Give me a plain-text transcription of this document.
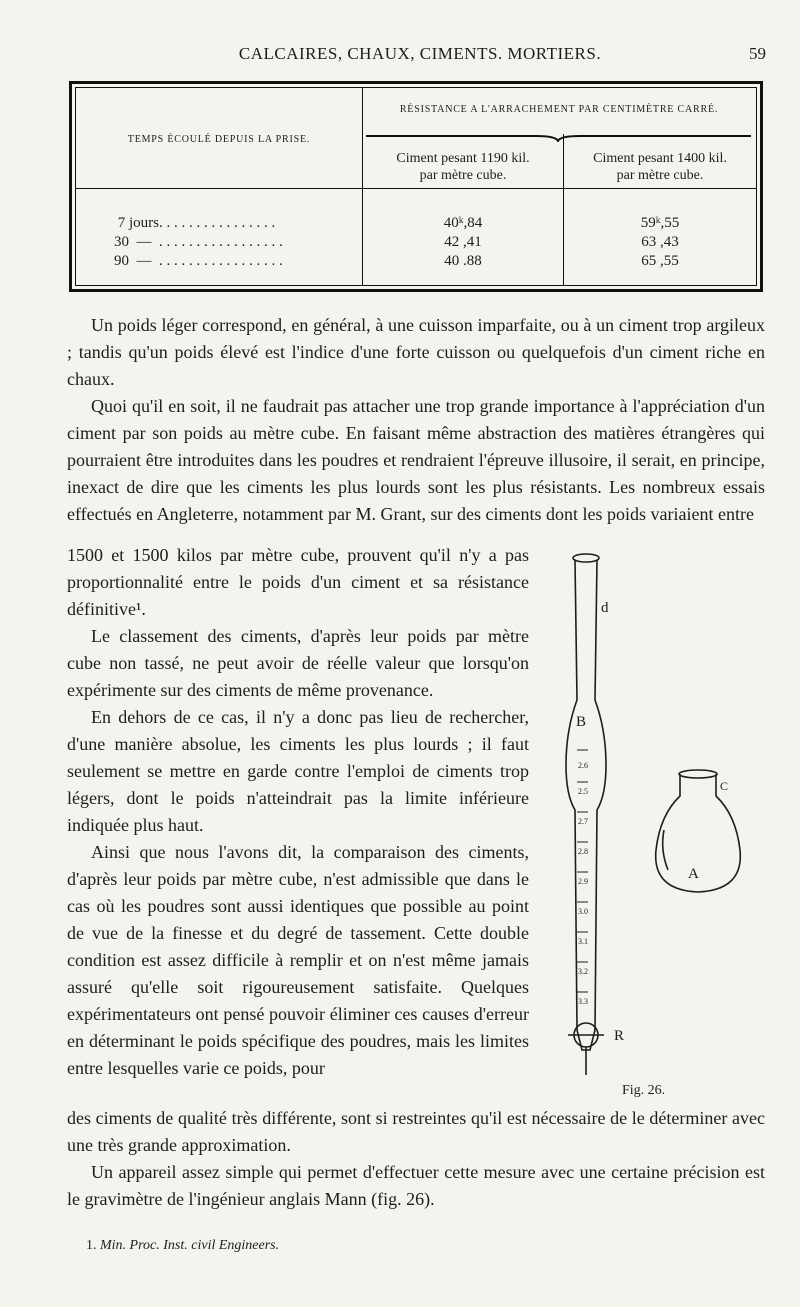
CALCAIRES, CHAUX, CIMENTS. MORTIERS.	59
TEMPS ÉCOULÉ DEPUIS LA PRISE.
RÉSISTANCE A L'ARRACHEMENT PAR CENTIMÈTRE CARRÉ.
Ciment pesant 1190 kil.
par mètre cube.
Ciment pesant 1400 kil.
par mètre cube.
7 jours. . . . . . . . . . . . . . . .	40ᵏ,84	59ᵏ,55
30  —  . . . . . . . . . . . . . . . . .	42 ,41	63 ,43
90  —  . . . . . . . . . . . . . . . . .	40 .88	65 ,55

Un poids léger correspond, en général, à une cuisson imparfaite, ou à un ciment trop argileux ; tandis qu'un poids élevé est l'indice d'une forte cuisson ou quelquefois d'un ciment riche en chaux.

Quoi qu'il en soit, il ne faudrait pas attacher une trop grande importance à l'appréciation d'un ciment par son poids au mètre cube. En faisant même abstraction des matières étrangères qui pourraient être introduites dans les poudres et rendraient l'épreuve illusoire, il serait, en principe, inexact de dire que les ciments les plus lourds sont les plus résistants. Les nombreux essais effectués en Angleterre, notamment par M. Grant, sur des ciments dont les poids variaient entre

1500 et 1500 kilos par mètre cube, prouvent qu'il n'y a pas proportionnalité entre le poids d'un ciment et sa résistance définitive¹.

Le classement des ciments, d'après leur poids par mètre cube non tassé, ne peut avoir de réelle valeur que lorsqu'on expérimente sur des ciments de même provenance.

En dehors de ce cas, il n'y a donc pas lieu de rechercher, d'une manière absolue, les ciments les plus lourds ; il faut seulement se mettre en garde contre l'emploi de ciments trop légers, dont le poids n'atteindrait pas la limite inférieure indiquée plus haut.

Ainsi que nous l'avons dit, la comparaison des ciments, d'après leur poids par mètre cube, n'est admissible que dans le cas où les poudres sont aussi identiques que possible au point de vue de la finesse et du degré de tassement. Cette double condition est assez difficile à remplir et on n'est même jamais assuré qu'elle soit rigoureusement satisfaite. Quelques expérimentateurs ont pensé pouvoir éliminer ces causes d'erreur en déterminant le poids spécifique des poudres, mais les limites entre lesquelles varie ce poids, pour

des ciments de qualité très différente, sont si restreintes qu'il est nécessaire de le déterminer avec une très grande approximation.

Un appareil assez simple qui permet d'effectuer cette mesure avec une certaine précision est le gravimètre de l'ingénieur anglais Mann (fig. 26).

2.6
2.5
2.7
2.8
2.9
3.0
3.1
3.2
3.3
d
B
A
C
R
Fig. 26.
1. Min. Proc. Inst. civil Engineers.
